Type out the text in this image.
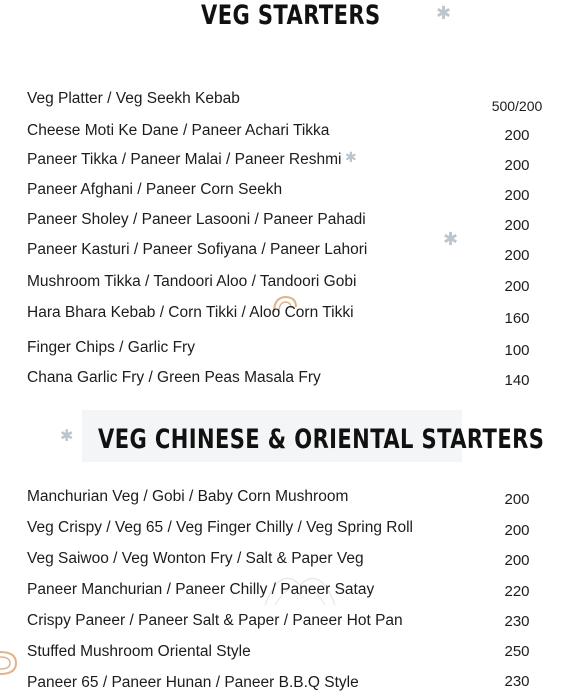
✱
✱
✱
✱
VEG STARTERS
Veg Platter / Veg Seekh Kebab	500/200
Cheese Moti Ke Dane / Paneer Achari Tikka	200
Paneer Tikka / Paneer Malai / Paneer Reshmi	200
Paneer Afghani / Paneer Corn Seekh	200
Paneer Sholey / Paneer Lasooni / Paneer Pahadi	200
Paneer Kasturi / Paneer Sofiyana / Paneer Lahori	200
Mushroom Tikka / Tandoori Aloo / Tandoori Gobi	200
Hara Bhara Kebab / Corn Tikki / Aloo Corn Tikki	160
Finger Chips / Garlic Fry	100
Chana Garlic Fry / Green Peas Masala Fry	140
VEG CHINESE & ORIENTAL STARTERS
Manchurian Veg / Gobi / Baby Corn Mushroom	200
Veg Crispy / Veg 65 / Veg Finger Chilly / Veg Spring Roll	200
Veg Saiwoo / Veg Wonton Fry / Salt & Paper Veg	200
Paneer Manchurian / Paneer Chilly / Paneer Satay	220
Crispy Paneer / Paneer Salt & Paper / Paneer Hot Pan	230
Stuffed Mushroom Oriental Style	250
Paneer 65 / Paneer Hunan / Paneer B.B.Q Style	230
